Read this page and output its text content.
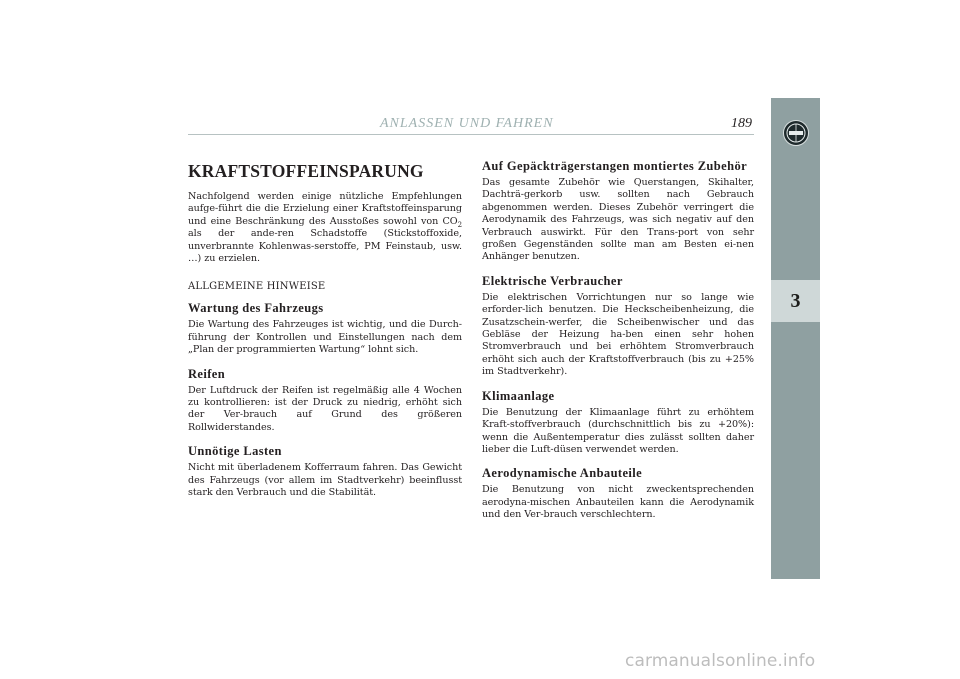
ANLASSEN UND FAHREN	189
3
KRAFTSTOFFEINSPARUNG

Nachfolgend werden einige nützliche Empfehlungen aufge-führt die die Erzielung einer Kraftstoffeinsparung und eine Beschränkung des Ausstoßes sowohl von $CO_2$ als der ande-ren Schadstoffe (Stickstoffoxide, unverbrannte Kohlenwas-serstoffe, PM Feinstaub, usw. …) zu erzielen.

ALLGEMEINE HINWEISE
Wartung des Fahrzeugs

Die Wartung des Fahrzeuges ist wichtig, und die Durch-führung der Kontrollen und Einstellungen nach dem „Plan der programmierten Wartung“ lohnt sich.

Reifen

Der Luftdruck der Reifen ist regelmäßig alle 4 Wochen zu kontrollieren: ist der Druck zu niedrig, erhöht sich der Ver-brauch auf Grund des größeren Rollwiderstandes.

Unnötige Lasten

Nicht mit überladenem Kofferraum fahren. Das Gewicht des Fahrzeugs (vor allem im Stadtverkehr) beeinflusst stark den Verbrauch und die Stabilität.

Auf Gepäckträgerstangen montiertes Zubehör

Das gesamte Zubehör wie Querstangen, Skihalter, Dachträ-gerkorb usw. sollten nach Gebrauch abgenommen werden. Dieses Zubehör verringert die Aerodynamik des Fahrzeugs, was sich negativ auf den Verbrauch auswirkt. Für den Trans-port von sehr großen Gegenständen sollte man am Besten ei-nen Anhänger benutzen.

Elektrische Verbraucher

Die elektrischen Vorrichtungen nur so lange wie erforder-lich benutzen. Die Heckscheibenheizung, die Zusatzschein-werfer, die Scheibenwischer und das Gebläse der Heizung ha-ben einen sehr hohen Stromverbrauch und bei erhöhtem Stromverbrauch erhöht sich auch der Kraftstoffverbrauch (bis zu +25% im Stadtverkehr).

Klimaanlage

Die Benutzung der Klimaanlage führt zu erhöhtem Kraft-stoffverbrauch (durchschnittlich bis zu +20%): wenn die Außentemperatur dies zulässt sollten daher lieber die Luft-düsen verwendet werden.

Aerodynamische Anbauteile

Die Benutzung von nicht zweckentsprechenden aerodyna-mischen Anbauteilen kann die Aerodynamik und den Ver-brauch verschlechtern.

carmanualsonline.info
